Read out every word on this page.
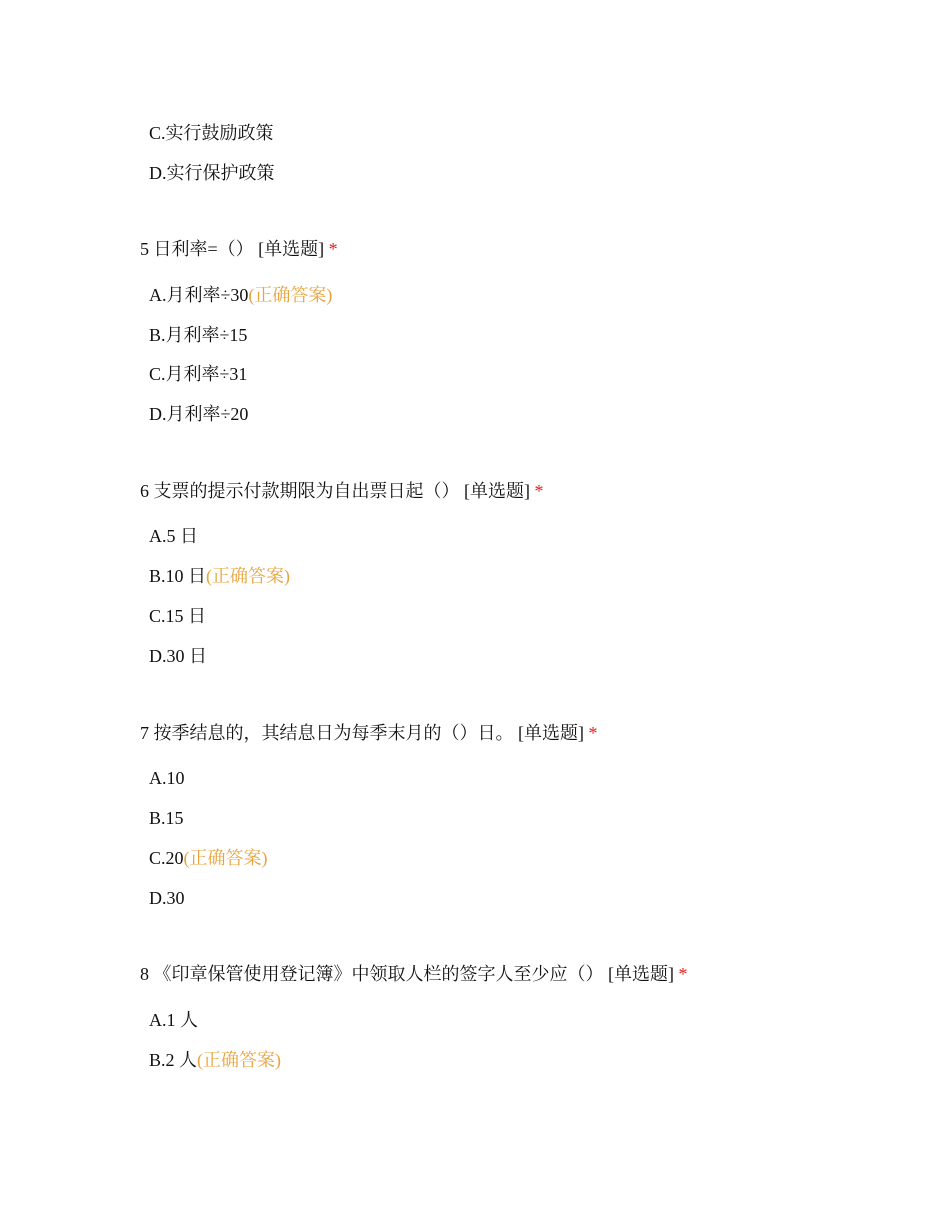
C.实行鼓励政策
D.实行保护政策
5 日利率=（） [单选题] *
A.月利率÷30(正确答案)
B.月利率÷15
C.月利率÷31
D.月利率÷20
6 支票的提示付款期限为自出票日起（） [单选题] *
A.5 日
B.10 日(正确答案)
C.15 日
D.30 日
7 按季结息的，其结息日为每季末月的（）日。 [单选题] *
A.10
B.15
C.20(正确答案)
D.30
8 《印章保管使用登记簿》中领取人栏的签字人至少应（） [单选题] *
A.1 人
B.2 人(正确答案)
